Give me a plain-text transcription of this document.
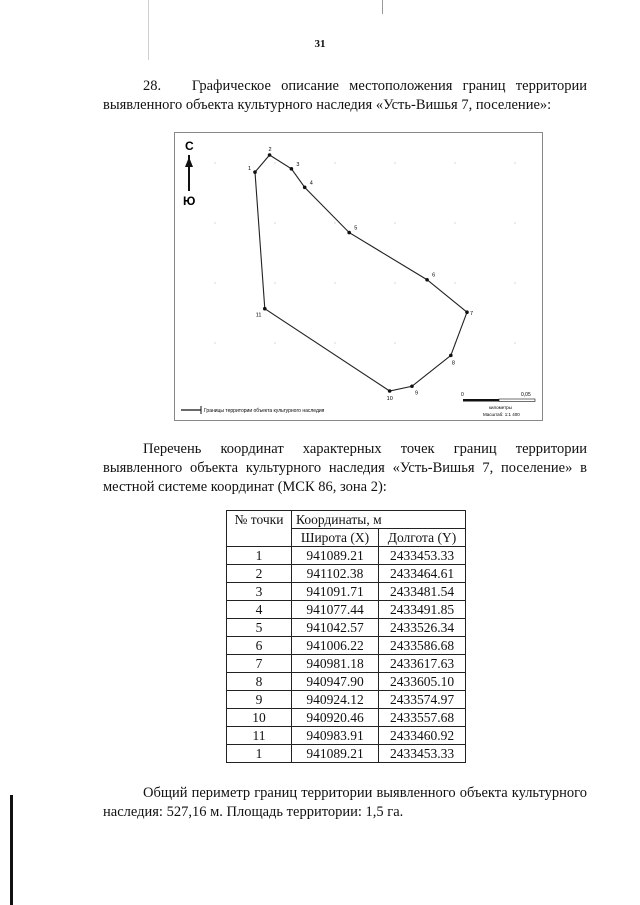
31
28. Графическое описание местоположения границ территории выявленного объекта культурного наследия «Усть-Вишья 7, поселение»:
С
Ю
1
2
3
4
5
6
7
8
9
10
11
Границы территории объекта культурного наследия
0	0,05
километры
Масштаб: 1:1 400
Перечень координат характерных точек границ территории выявленного объекта культурного наследия «Усть-Вишья 7, поселение» в местной системе координат (МСК 86, зона 2):
№ точки	Координаты, м	
	Широта (X)	Долгота (Y)
1	941089.21	2433453.33
2	941102.38	2433464.61
3	941091.71	2433481.54
4	941077.44	2433491.85
5	941042.57	2433526.34
6	941006.22	2433586.68
7	940981.18	2433617.63
8	940947.90	2433605.10
9	940924.12	2433574.97
10	940920.46	2433557.68
11	940983.91	2433460.92
1	941089.21	2433453.33
Общий периметр границ территории выявленного объекта культурного наследия: 527,16 м. Площадь территории: 1,5 га.
